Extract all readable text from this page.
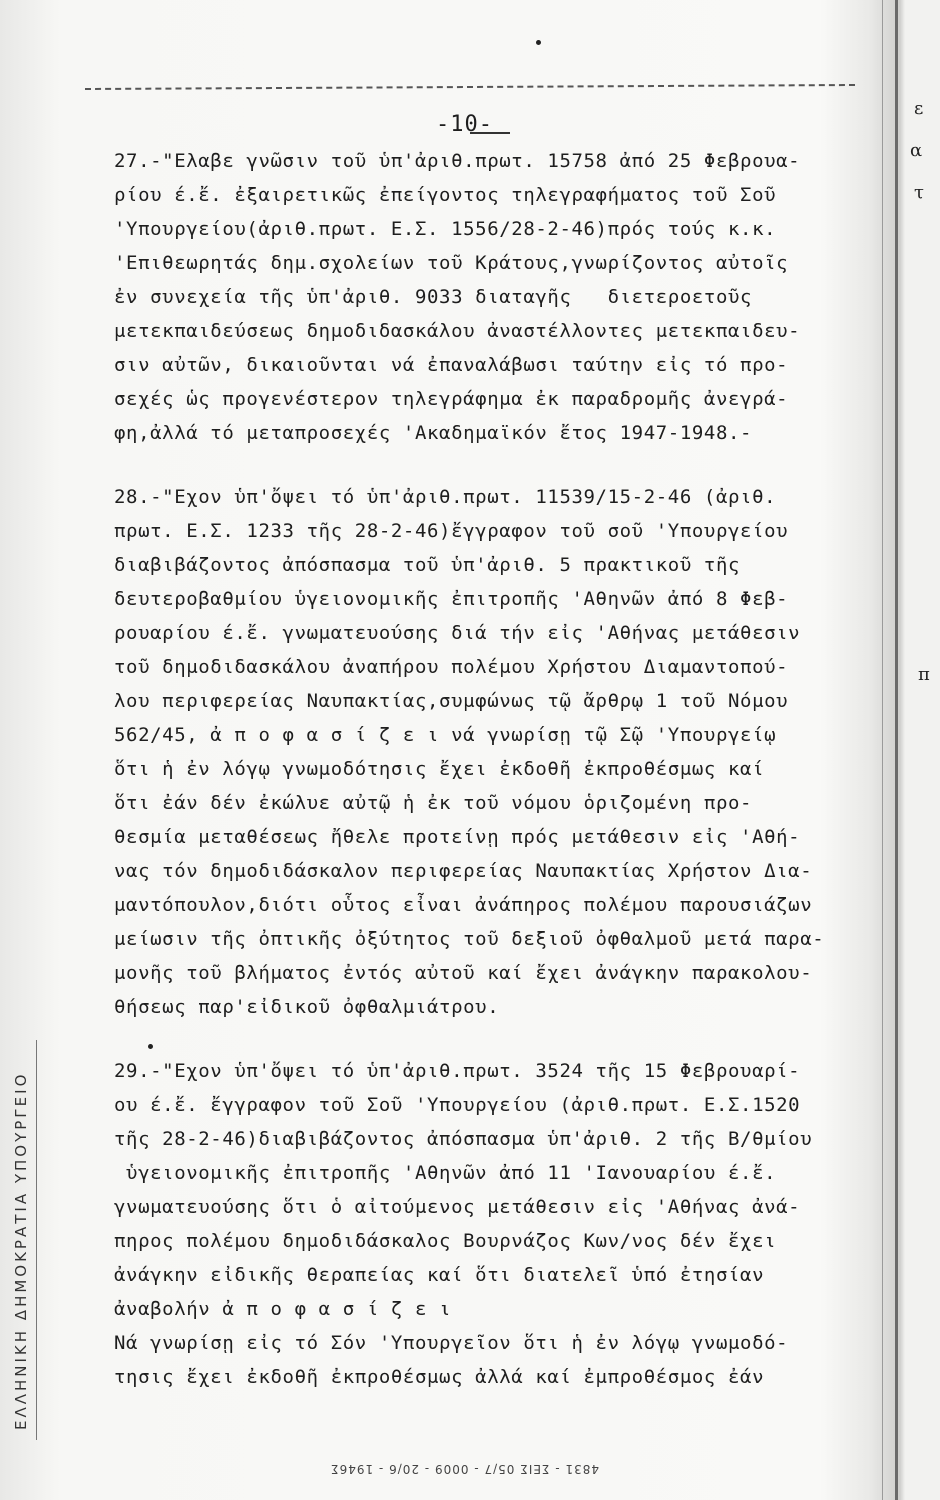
-10-
ε
α
τ
π
ΕΛΛΗΝΙΚΗ ΔΗΜΟΚΡΑΤΙΑ ΥΠΟΥΡΓΕΙΟ
27.-"Ελαβε γνῶσιν τοῦ ὑπ'ἀριθ.πρωτ. 15758 ἀπό 25 Φεβρουα-
ρίου έ.ἔ. ἐξαιρετικῶς ἐπείγοντος τηλεγραφήματος τοῦ Σοῦ
'Υπουργείου(ἀριθ.πρωτ. Ε.Σ. 1556/28-2-46)πρός τούς κ.κ.
'Επιθεωρητάς δημ.σχολείων τοῦ Κράτους,γνωρίζοντος αὐτοῖς
ἐν συνεχεία τῆς ὑπ'ἀριθ. 9033 διαταγῆς   διετεροετοῦς
μετεκπαιδεύσεως δημοδιδασκάλου ἀναστέλλοντες μετεκπαιδευ-
σιν αὐτῶν, δικαιοῦνται νά ἐπαναλάβωσι ταύτην εἰς τό προ-
σεχές ὡς προγενέστερον τηλεγράφημα ἐκ παραδρομῆς ἀνεγρά-
φη,ἀλλά τό μεταπροσεχές 'Ακαδημαϊκόν ἔτος 1947-1948.-
28.-"Εχον ὑπ'ὄψει τό ὑπ'ἀριθ.πρωτ. 11539/15-2-46 (ἀριθ.
πρωτ. Ε.Σ. 1233 τῆς 28-2-46)ἔγγραφον τοῦ σοῦ 'Υπουργείου
διαβιβάζοντος ἀπόσπασμα τοῦ ὑπ'ἀριθ. 5 πρακτικοῦ τῆς
δευτεροβαθμίου ὑγειονομικῆς ἐπιτροπῆς 'Αθηνῶν ἀπό 8 Φεβ-
ρουαρίου έ.ἔ. γνωματευούσης διά τήν εἰς 'Αθήνας μετάθεσιν
τοῦ δημοδιδασκάλου ἀναπήρου πολέμου Χρήστου Διαμαντοπού-
λου περιφερείας Ναυπακτίας,συμφώνως τῷ ἄρθρῳ 1 τοῦ Νόμου
562/45, ἀ π ο φ α σ ί ζ ε ι νά γνωρίσῃ τῷ Σῷ 'Υπουργείῳ
ὅτι ἡ ἐν λόγῳ γνωμοδότησις ἔχει ἐκδοθῆ ἐκπροθέσμως καί
ὅτι ἐάν δέν ἐκώλυε αὐτῷ ἡ ἐκ τοῦ νόμου ὁριζομένη προ-
θεσμία μεταθέσεως ἤθελε προτείνῃ πρός μετάθεσιν εἰς 'Αθή-
νας τόν δημοδιδάσκαλον περιφερείας Ναυπακτίας Χρήστον Δια-
μαντόπουλον,διότι οὗτος εἶναι ἀνάπηρος πολέμου παρουσιάζων
μείωσιν τῆς ὀπτικῆς ὀξύτητος τοῦ δεξιοῦ ὀφθαλμοῦ μετά παρα-
μονῆς τοῦ βλήματος ἐντός αὐτοῦ καί ἔχει ἀνάγκην παρακολου-
θήσεως παρ'εἰδικοῦ ὀφθαλμιάτρου.
29.-"Εχον ὑπ'ὄψει τό ὑπ'ἀριθ.πρωτ. 3524 τῆς 15 Φεβρουαρί-
ου έ.ἔ. ἔγγραφον τοῦ Σοῦ 'Υπουργείου (ἀριθ.πρωτ. Ε.Σ.1520
τῆς 28-2-46)διαβιβάζοντος ἀπόσπασμα ὑπ'ἀριθ. 2 τῆς Β/θμίου
ὑγειονομικῆς ἐπιτροπῆς 'Αθηνῶν ἀπό 11 'Ιανουαρίου έ.ἔ.
γνωματευούσης ὅτι ὁ αἰτούμενος μετάθεσιν εἰς 'Αθήνας ἀνά-
πηρος πολέμου δημοδιδάσκαλος Βουρνάζος Κων/νος δέν ἔχει
ἀνάγκην εἰδικῆς θεραπείας καί ὅτι διατελεῖ ὑπό ἐτησίαν
ἀναβολήν ἀ π ο φ α σ ί ζ ε ι
Νά γνωρίσῃ εἰς τό Σόν 'Υπουργεῖον ὅτι ἡ ἐν λόγῳ γνωμοδό-
τησις ἔχει ἐκδοθῆ ἐκπροθέσμως ἀλλά καί ἐμπροθέσμος ἐάν
4831 - ΣΕΙΣ 05/7 - 0009 - 20/6 - 1946Σ
